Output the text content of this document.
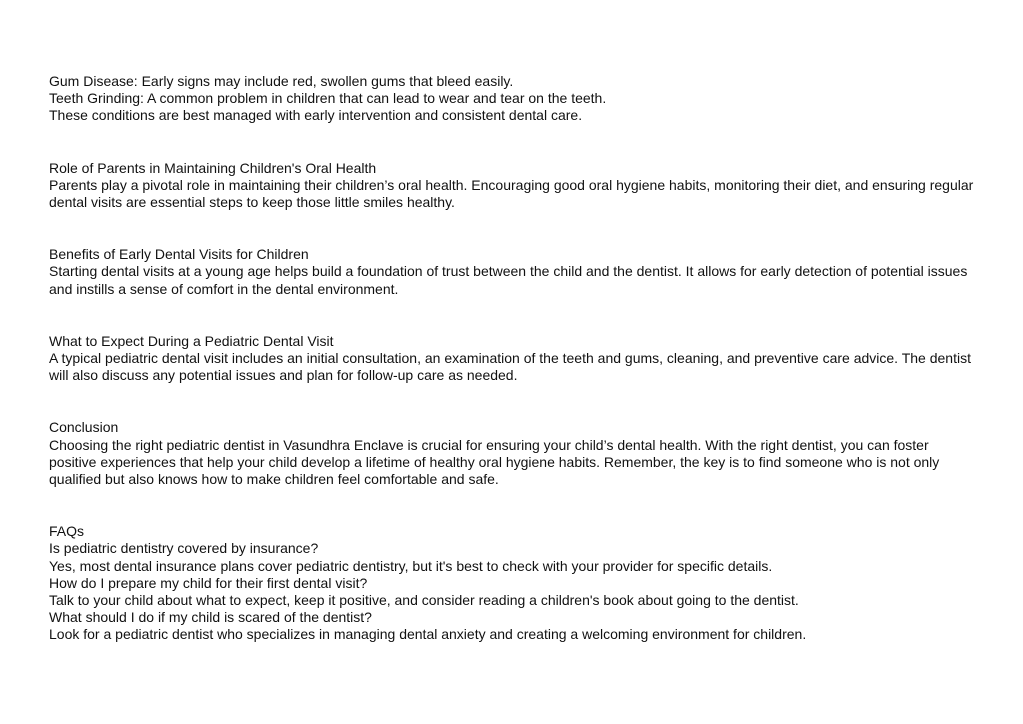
Gum Disease: Early signs may include red, swollen gums that bleed easily.
Teeth Grinding: A common problem in children that can lead to wear and tear on the teeth.
These conditions are best managed with early intervention and consistent dental care.
Role of Parents in Maintaining Children's Oral Health
Parents play a pivotal role in maintaining their children’s oral health. Encouraging good oral hygiene habits, monitoring their diet, and ensuring regular dental visits are essential steps to keep those little smiles healthy.
Benefits of Early Dental Visits for Children
Starting dental visits at a young age helps build a foundation of trust between the child and the dentist. It allows for early detection of potential issues and instills a sense of comfort in the dental environment.
What to Expect During a Pediatric Dental Visit
A typical pediatric dental visit includes an initial consultation, an examination of the teeth and gums, cleaning, and preventive care advice. The dentist will also discuss any potential issues and plan for follow-up care as needed.
Conclusion
Choosing the right pediatric dentist in Vasundhra Enclave is crucial for ensuring your child’s dental health. With the right dentist, you can foster positive experiences that help your child develop a lifetime of healthy oral hygiene habits. Remember, the key is to find someone who is not only qualified but also knows how to make children feel comfortable and safe.
FAQs
Is pediatric dentistry covered by insurance?
Yes, most dental insurance plans cover pediatric dentistry, but it's best to check with your provider for specific details.
How do I prepare my child for their first dental visit?
Talk to your child about what to expect, keep it positive, and consider reading a children's book about going to the dentist.
What should I do if my child is scared of the dentist?
Look for a pediatric dentist who specializes in managing dental anxiety and creating a welcoming environment for children.
